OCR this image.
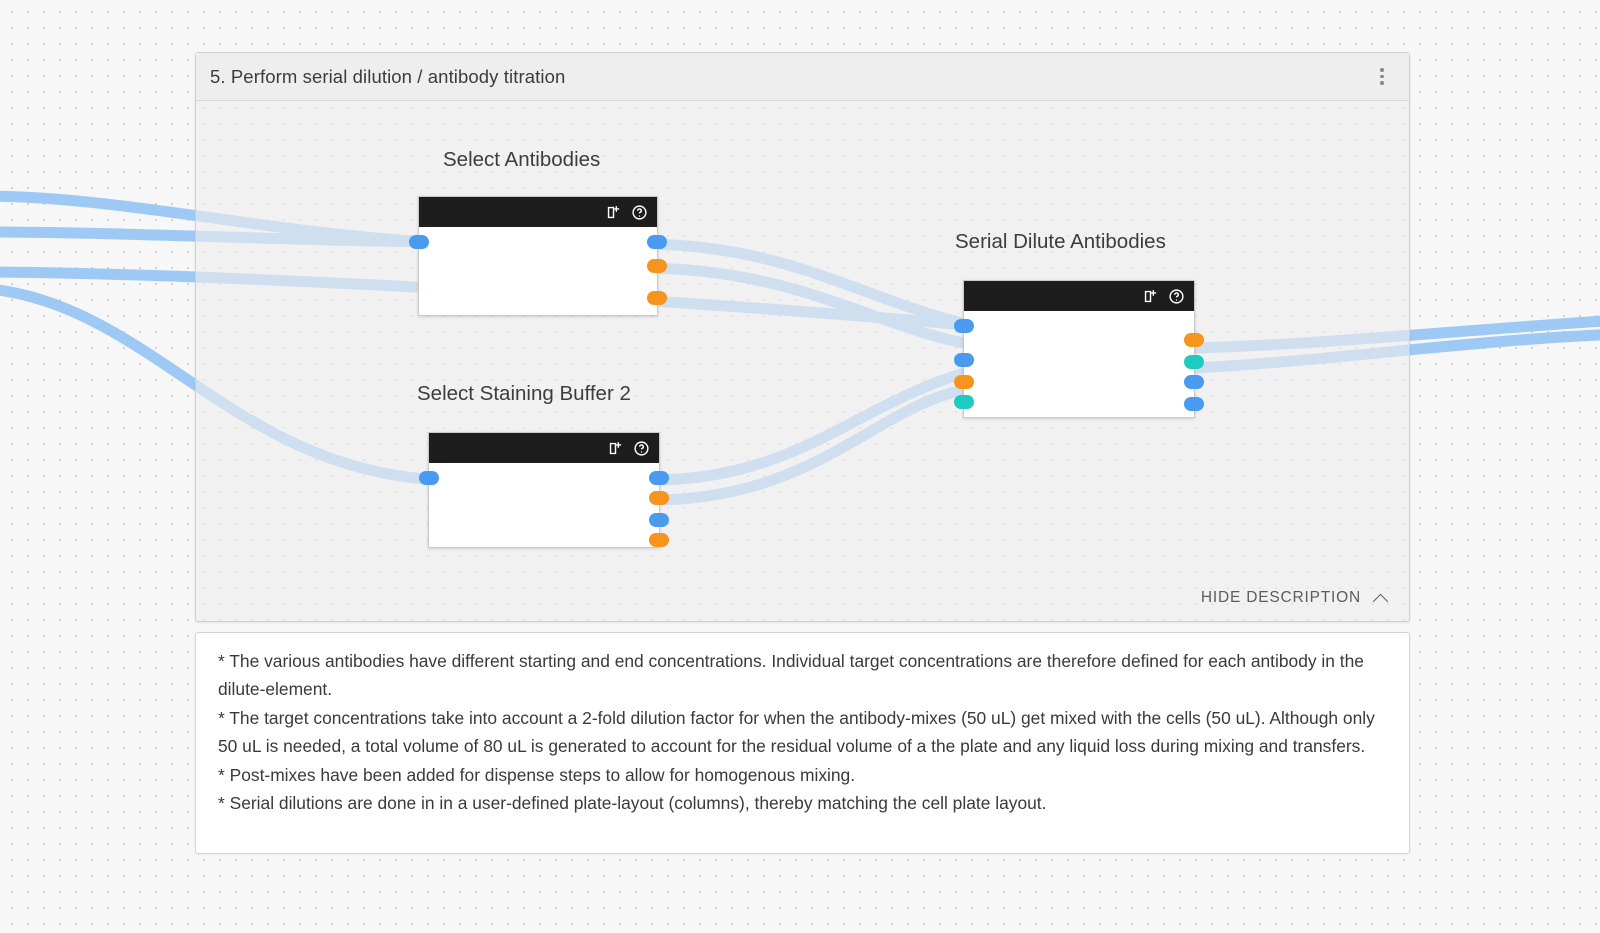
5. Perform serial dilution / antibody titration
HIDE DESCRIPTION
Select Antibodies
Select Staining Buffer 2
Serial Dilute Antibodies
* The various antibodies have different starting and end concentrations. Individual target concentrations are therefore defined for each antibody in the dilute-element.
* The target concentrations take into account a 2-fold dilution factor for when the antibody-mixes (50 uL) get mixed with the cells (50 uL). Although only 50 uL is needed, a total volume of 80 uL is generated to account for the residual volume of a the plate and any liquid loss during mixing and transfers.
* Post-mixes have been added for dispense steps to allow for homogenous mixing.
* Serial dilutions are done in in a user-defined plate-layout (columns), thereby matching the cell plate layout.
